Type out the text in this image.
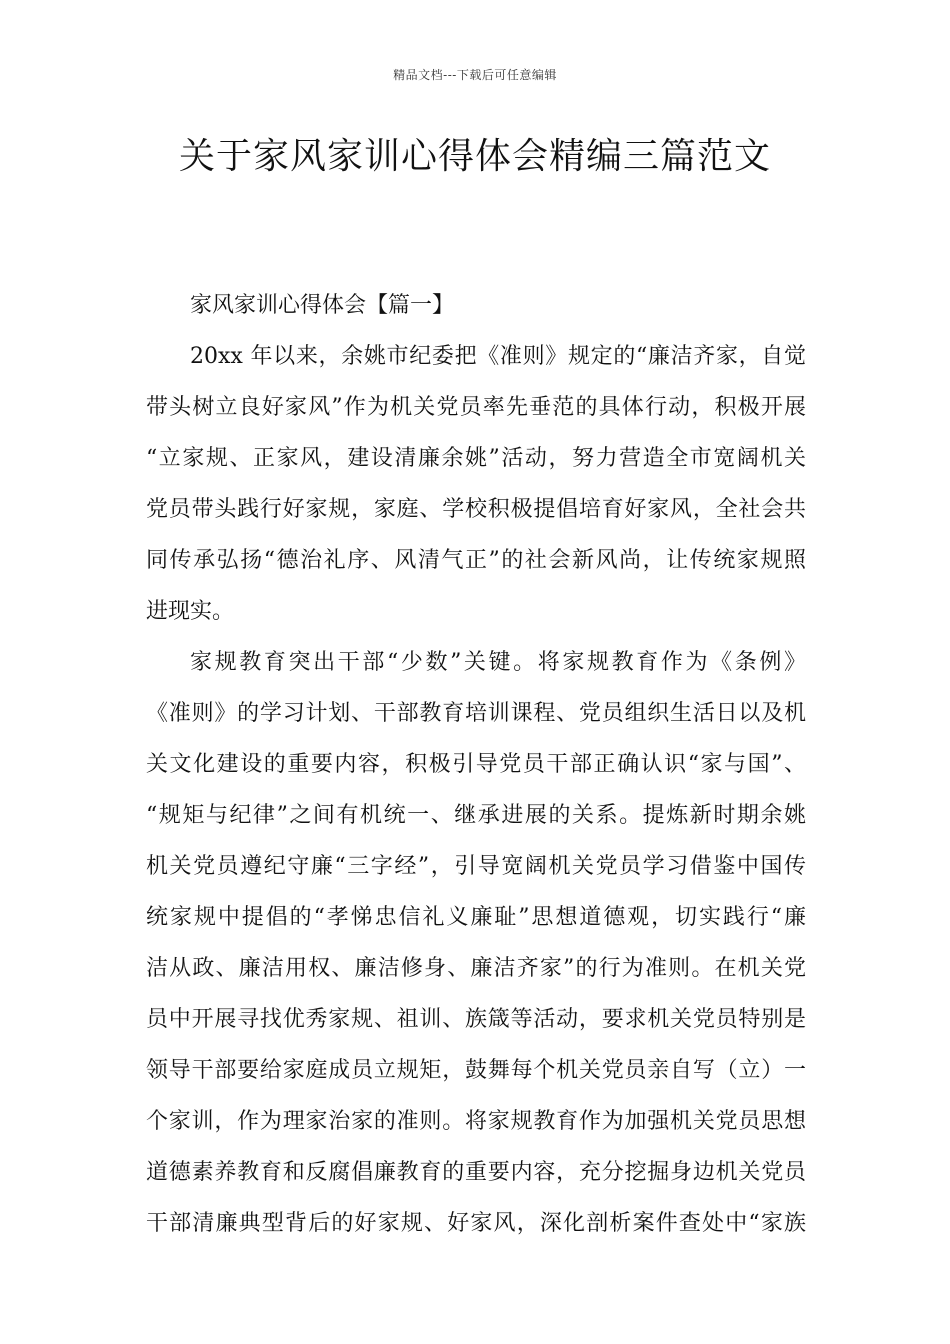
精品文档---下载后可任意编辑
关于家风家训心得体会精编三篇范文
家风家训心得体会【篇一】
20xx 年以来，余姚市纪委把《准则》规定的“廉洁齐家，自觉
带头树立良好家风”作为机关党员率先垂范的具体行动，积极开展
“立家规、正家风，建设清廉余姚”活动，努力营造全市宽阔机关
党员带头践行好家规，家庭、学校积极提倡培育好家风，全社会共
同传承弘扬“德治礼序、风清气正”的社会新风尚，让传统家规照
进现实。
家规教育突出干部“少数”关键。将家规教育作为《条例》
《准则》的学习计划、干部教育培训课程、党员组织生活日以及机
关文化建设的重要内容，积极引导党员干部正确认识“家与国”、
“规矩与纪律”之间有机统一、继承进展的关系。提炼新时期余姚
机关党员遵纪守廉“三字经”，引导宽阔机关党员学习借鉴中国传
统家规中提倡的“孝悌忠信礼义廉耻”思想道德观，切实践行“廉
洁从政、廉洁用权、廉洁修身、廉洁齐家”的行为准则。在机关党
员中开展寻找优秀家规、祖训、族箴等活动，要求机关党员特别是
领导干部要给家庭成员立规矩，鼓舞每个机关党员亲自写（立）一
个家训，作为理家治家的准则。将家规教育作为加强机关党员思想
道德素养教育和反腐倡廉教育的重要内容，充分挖掘身边机关党员
干部清廉典型背后的好家规、好家风，深化剖析案件查处中“家族
